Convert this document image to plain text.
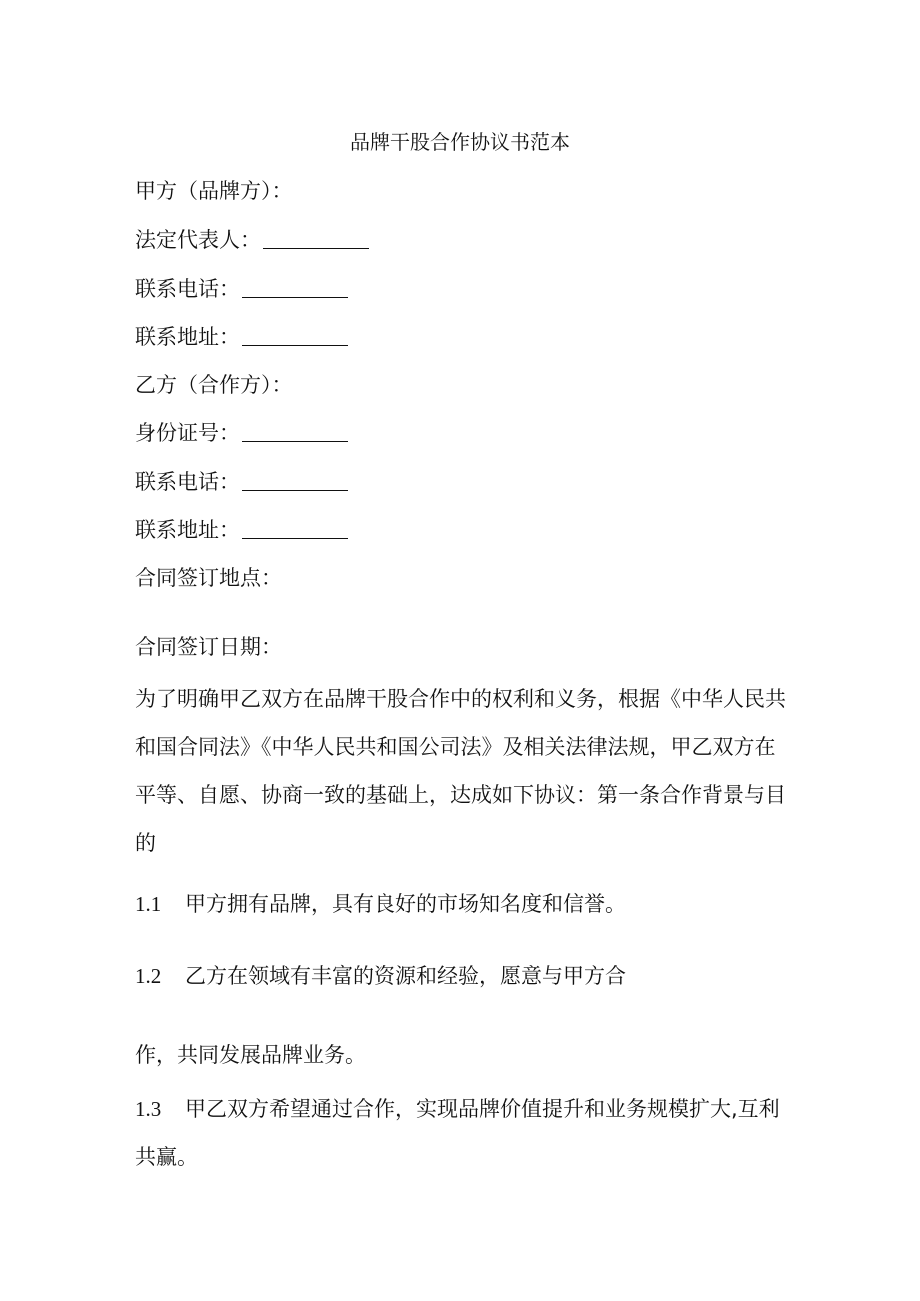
品牌干股合作协议书范本
甲方（品牌方）：
法定代表人：
联系电话：
联系地址：
乙方（合作方）：
身份证号：
联系电话：
联系地址：
合同签订地点：
合同签订日期：
为了明确甲乙双方在品牌干股合作中的权利和义务，根据《中华人民共和国合同法》《中华人民共和国公司法》及相关法律法规，甲乙双方在平等、自愿、协商一致的基础上，达成如下协议：第一条合作背景与目的
1.1 甲方拥有品牌，具有良好的市场知名度和信誉。
1.2 乙方在领域有丰富的资源和经验，愿意与甲方合
作，共同发展品牌业务。
1.3 甲乙双方希望通过合作，实现品牌价值提升和业务规模扩大,互利共赢。
